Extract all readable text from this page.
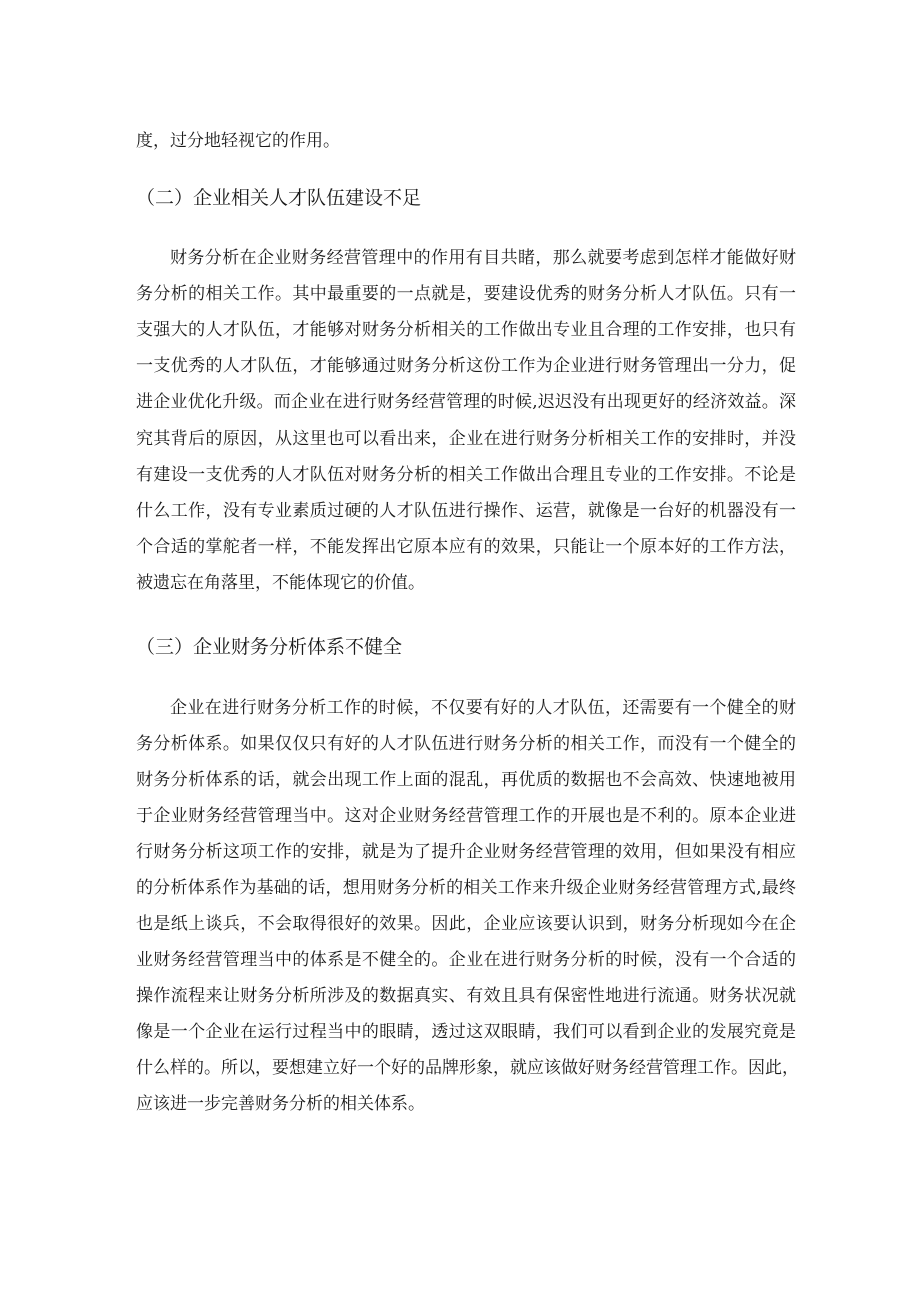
度，过分地轻视它的作用。
（二）企业相关人才队伍建设不足
财务分析在企业财务经营管理中的作用有目共睹，那么就要考虑到怎样才能做好财
务分析的相关工作。其中最重要的一点就是，要建设优秀的财务分析人才队伍。只有一
支强大的人才队伍，才能够对财务分析相关的工作做出专业且合理的工作安排，也只有
一支优秀的人才队伍，才能够通过财务分析这份工作为企业进行财务管理出一分力，促
进企业优化升级。而企业在进行财务经营管理的时候,迟迟没有出现更好的经济效益。深
究其背后的原因，从这里也可以看出来，企业在进行财务分析相关工作的安排时，并没
有建设一支优秀的人才队伍对财务分析的相关工作做出合理且专业的工作安排。不论是
什么工作，没有专业素质过硬的人才队伍进行操作、运营，就像是一台好的机器没有一
个合适的掌舵者一样，不能发挥出它原本应有的效果，只能让一个原本好的工作方法，
被遗忘在角落里，不能体现它的价值。
（三）企业财务分析体系不健全
企业在进行财务分析工作的时候，不仅要有好的人才队伍，还需要有一个健全的财
务分析体系。如果仅仅只有好的人才队伍进行财务分析的相关工作，而没有一个健全的
财务分析体系的话，就会出现工作上面的混乱，再优质的数据也不会高效、快速地被用
于企业财务经营管理当中。这对企业财务经营管理工作的开展也是不利的。原本企业进
行财务分析这项工作的安排，就是为了提升企业财务经营管理的效用，但如果没有相应
的分析体系作为基础的话，想用财务分析的相关工作来升级企业财务经营管理方式,最终
也是纸上谈兵，不会取得很好的效果。因此，企业应该要认识到，财务分析现如今在企
业财务经营管理当中的体系是不健全的。企业在进行财务分析的时候，没有一个合适的
操作流程来让财务分析所涉及的数据真实、有效且具有保密性地进行流通。财务状况就
像是一个企业在运行过程当中的眼睛，透过这双眼睛，我们可以看到企业的发展究竟是
什么样的。所以，要想建立好一个好的品牌形象，就应该做好财务经营管理工作。因此，
应该进一步完善财务分析的相关体系。
